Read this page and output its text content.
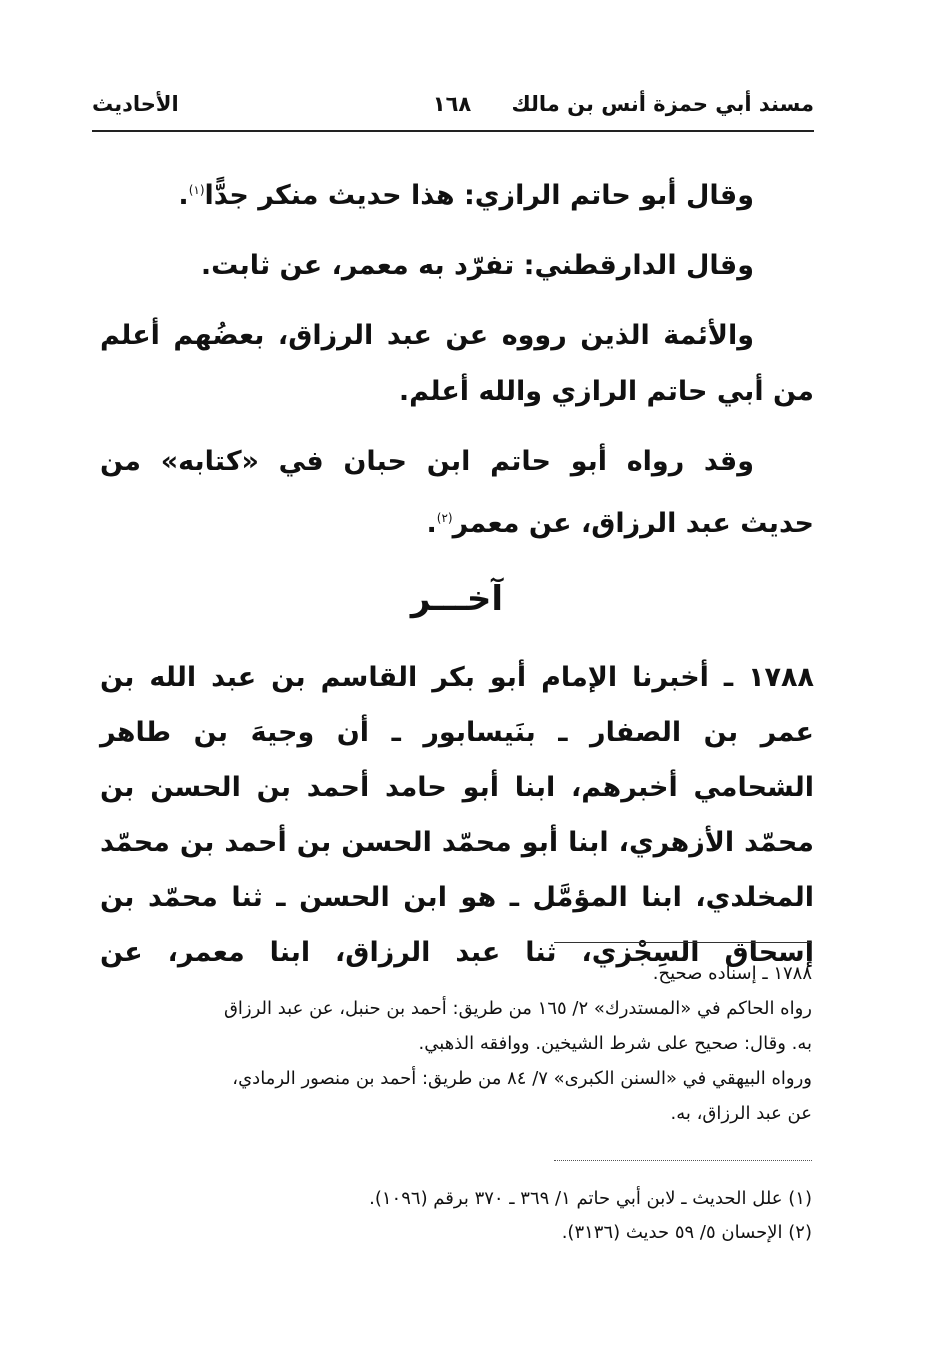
مسند أبي حمزة أنس بن مالك
١٦٨
الأحاديث

وقال أبو حاتم الرازي: هذا حديث منكر جدًّا$^{(١)}$.

وقال الدارقطني: تفرّد به معمر، عن ثابت.

والأئمة الذين رووه عن عبد الرزاق، بعضُهم أعلم من أبي حاتم الرازي والله أعلم.

وقد رواه أبو حاتم ابن حبان في «كتابه» من حديث عبد الرزاق، عن معمر$^{(٢)}$.

آخـــر

١٧٨٨ ـ أخبرنا الإمام أبو بكر القاسم بن عبد الله بن عمر بن الصفار ـ بنَيسابور ـ أن وجيهَ بن طاهر الشحامي أخبرهم، ابنا أبو حامد أحمد بن الحسن بن محمّد الأزهري، ابنا أبو محمّد الحسن بن أحمد بن محمّد المخلدي، ابنا المؤمَّل ـ هو ابن الحسن ـ ثنا محمّد بن إسحاق السِجْزي، ثنا عبد الرزاق، ابنا معمر، عن

١٧٨٨ ـ إسناده صحيح.
رواه الحاكم في «المستدرك» ٢/ ١٦٥ من طريق: أحمد بن حنبل، عن عبد الرزاق
به. وقال: صحيح على شرط الشيخين. ووافقه الذهبي.
ورواه البيهقي في «السنن الكبرى» ٧/ ٨٤ من طريق: أحمد بن منصور الرمادي،
عن عبد الرزاق، به.
(١) علل الحديث ـ لابن أبي حاتم ١/ ٣٦٩ ـ ٣٧٠ برقم (١٠٩٦).
(٢) الإحسان ٥/ ٥٩ حديث (٣١٣٦).
